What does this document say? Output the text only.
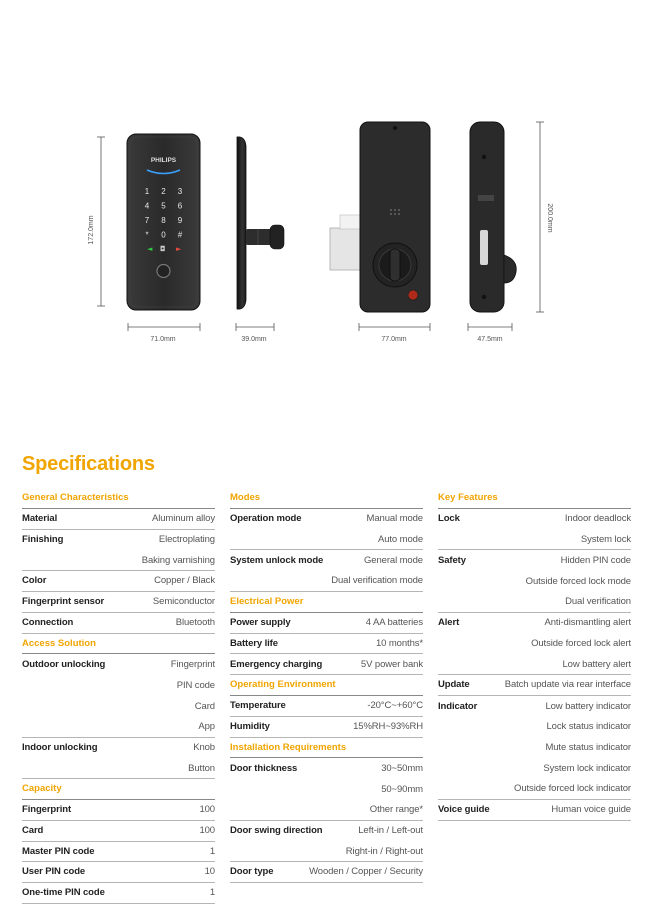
PHILIPS
1 2 3
4 5 6
7 8 9
* 0 #
◄ ◘ ►
172.0mm
71.0mm	39.0mm	77.0mm	47.5mm
200.0mm
Specifications
General Characteristics
Material	Aluminum alloy
Finishing	Electroplating
Baking varnishing
Color	Copper / Black
Fingerprint sensor	Semiconductor
Connection	Bluetooth
Access Solution
Outdoor unlocking	Fingerprint
PIN code
Card
App
Indoor unlocking	Knob
Button
Capacity
Fingerprint	100
Card	100
Master PIN code	1
User PIN code	10
One-time PIN code	1
Modes
Operation mode	Manual mode
Auto mode
System unlock mode	General mode
Dual verification mode
Electrical Power
Power supply	4 AA batteries
Battery life	10 months*
Emergency charging	5V power bank
Operating Environment
Temperature	-20°C~+60°C
Humidity	15%RH~93%RH
Installation Requirements
Door thickness	30~50mm
50~90mm
Other range*
Door swing direction	Left-in / Left-out
Right-in / Right-out
Door type	Wooden / Copper / Security
Key Features
Lock	Indoor deadlock
System lock
Safety	Hidden PIN code
Outside forced lock mode
Dual verification
Alert	Anti-dismantling alert
Outside forced lock alert
Low battery alert
Update	Batch update via rear interface
Indicator	Low battery indicator
Lock status indicator
Mute status indicator
System lock indicator
Outside forced lock indicator
Voice guide	Human voice guide
